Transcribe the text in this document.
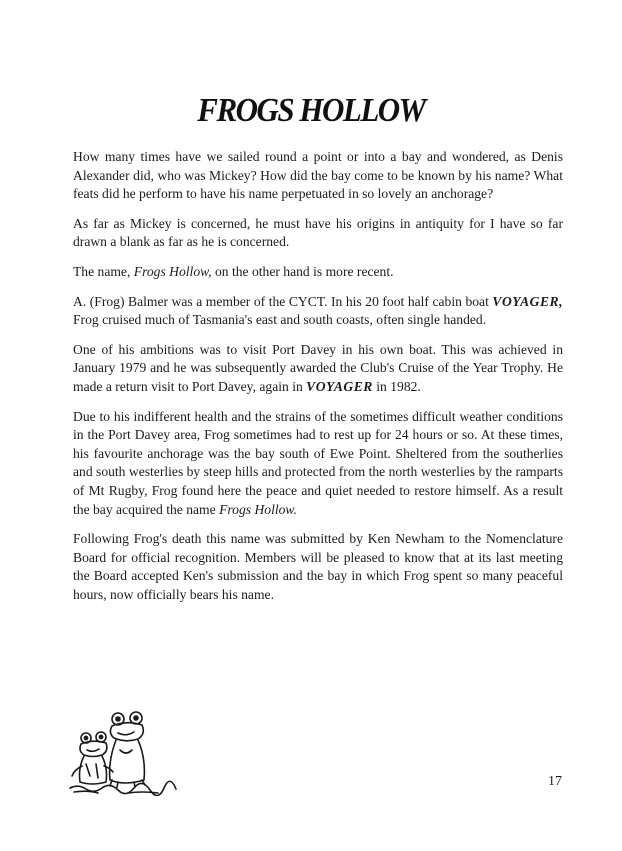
FROGS HOLLOW

How many times have we sailed round a point or into a bay and wondered, as Denis Alexander did, who was Mickey? How did the bay come to be known by his name? What feats did he perform to have his name perpetuated in so lovely an anchorage?

As far as Mickey is concerned, he must have his origins in antiquity for I have so far drawn a blank as far as he is concerned.

The name, Frogs Hollow, on the other hand is more recent.

A. (Frog) Balmer was a member of the CYCT. In his 20 foot half cabin boat VOYAGER, Frog cruised much of Tasmania's east and south coasts, often single handed.

One of his ambitions was to visit Port Davey in his own boat. This was achieved in January 1979 and he was subsequently awarded the Club's Cruise of the Year Trophy. He made a return visit to Port Davey, again in VOYAGER in 1982.

Due to his indifferent health and the strains of the sometimes difficult weather conditions in the Port Davey area, Frog sometimes had to rest up for 24 hours or so. At these times, his favourite anchorage was the bay south of Ewe Point. Sheltered from the southerlies and south westerlies by steep hills and protected from the north westerlies by the ramparts of Mt Rugby, Frog found here the peace and quiet needed to restore himself. As a result the bay acquired the name Frogs Hollow.

Following Frog's death this name was submitted by Ken Newham to the Nomenclature Board for official recognition. Members will be pleased to know that at its last meeting the Board accepted Ken's submission and the bay in which Frog spent so many peaceful hours, now officially bears his name.

17
